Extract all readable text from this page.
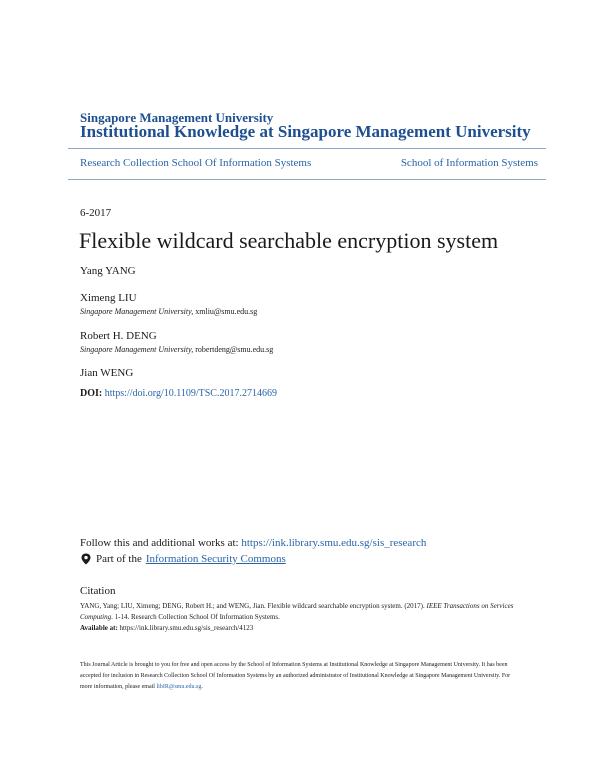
Singapore Management University
Institutional Knowledge at Singapore Management University
Research Collection School Of Information Systems	School of Information Systems
6-2017
Flexible wildcard searchable encryption system
Yang YANG
Ximeng LIU
Singapore Management University, xmliu@smu.edu.sg
Robert H. DENG
Singapore Management University, robertdeng@smu.edu.sg
Jian WENG
DOI: https://doi.org/10.1109/TSC.2017.2714669
Follow this and additional works at: https://ink.library.smu.edu.sg/sis_research
Part of the Information Security Commons
Citation
YANG, Yang; LIU, Ximeng; DENG, Robert H.; and WENG, Jian. Flexible wildcard searchable encryption system. (2017). IEEE Transactions on Services Computing. 1-14. Research Collection School Of Information Systems.
Available at: https://ink.library.smu.edu.sg/sis_research/4123
This Journal Article is brought to you for free and open access by the School of Information Systems at Institutional Knowledge at Singapore Management University. It has been accepted for inclusion in Research Collection School Of Information Systems by an authorized administrator of Institutional Knowledge at Singapore Management University. For more information, please email libIR@smu.edu.sg.
